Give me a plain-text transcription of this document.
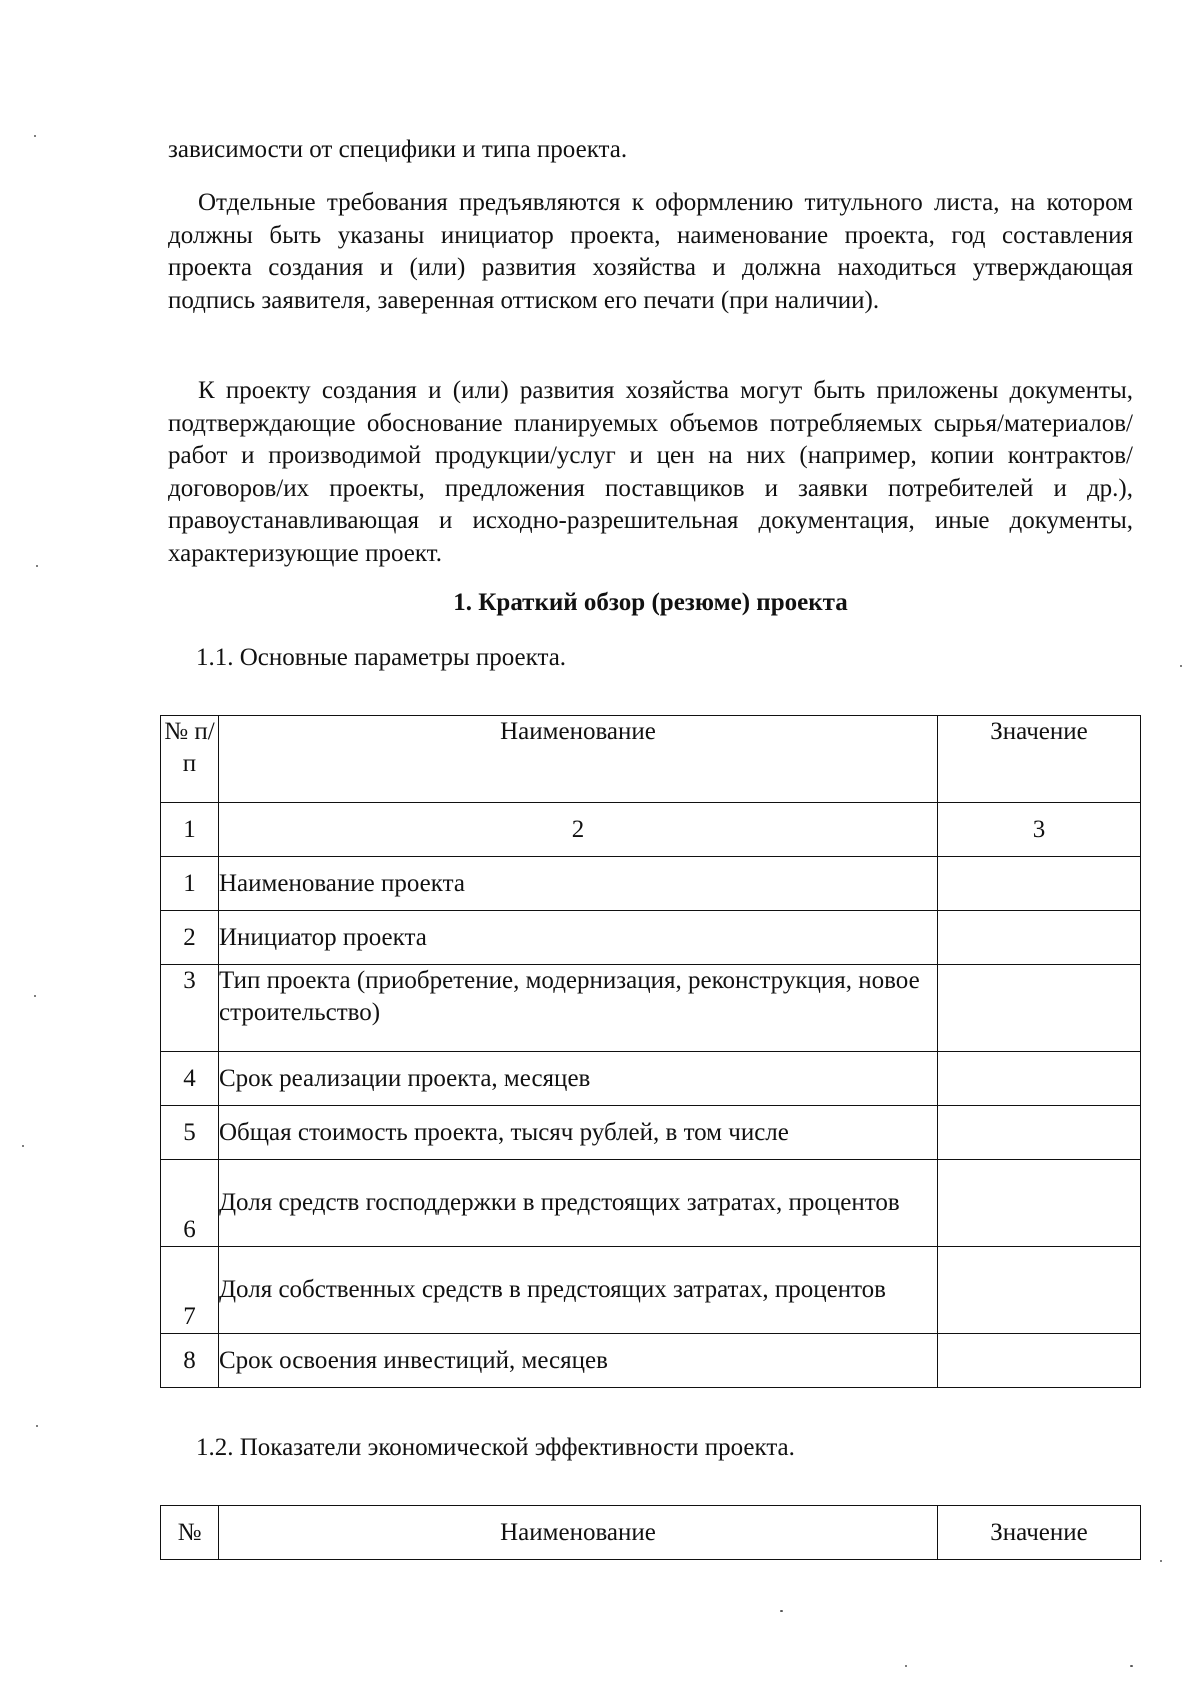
зависимости от специфики и типа проекта.

Отдельные требования предъявляются к оформлению титульного листа, на котором должны быть указаны инициатор проекта, наименование проекта, год составления проекта создания и (или) развития хозяйства и должна находиться утверждающая подпись заявителя, заверенная оттиском его печати (при наличии).

К проекту создания и (или) развития хозяйства могут быть приложены документы, подтверждающие обоснование планируемых объемов потребляемых сырья/материалов/работ и производимой продукции/услуг и цен на них (например, копии контрактов/договоров/их проекты, предложения поставщиков и заявки потребителей и др.), правоустанавливающая и исходно-разрешительная документация, иные документы, характеризующие проект.

1. Краткий обзор (резюме) проекта

1.1. Основные параметры проекта.

№ п/п	Наименование	Значение
1	2	3
1	Наименование проекта	
2	Инициатор проекта	
3	Тип проекта (приобретение, модернизация, реконструкция, новое строительство)	
4	Срок реализации проекта, месяцев	
5	Общая стоимость проекта, тысяч рублей, в том числе	
6	Доля средств господдержки в предстоящих затратах, процентов	
7	Доля собственных средств в предстоящих затратах, процентов	
8	Срок освоения инвестиций, месяцев	

1.2. Показатели экономической эффективности проекта.

№	Наименование	Значение
